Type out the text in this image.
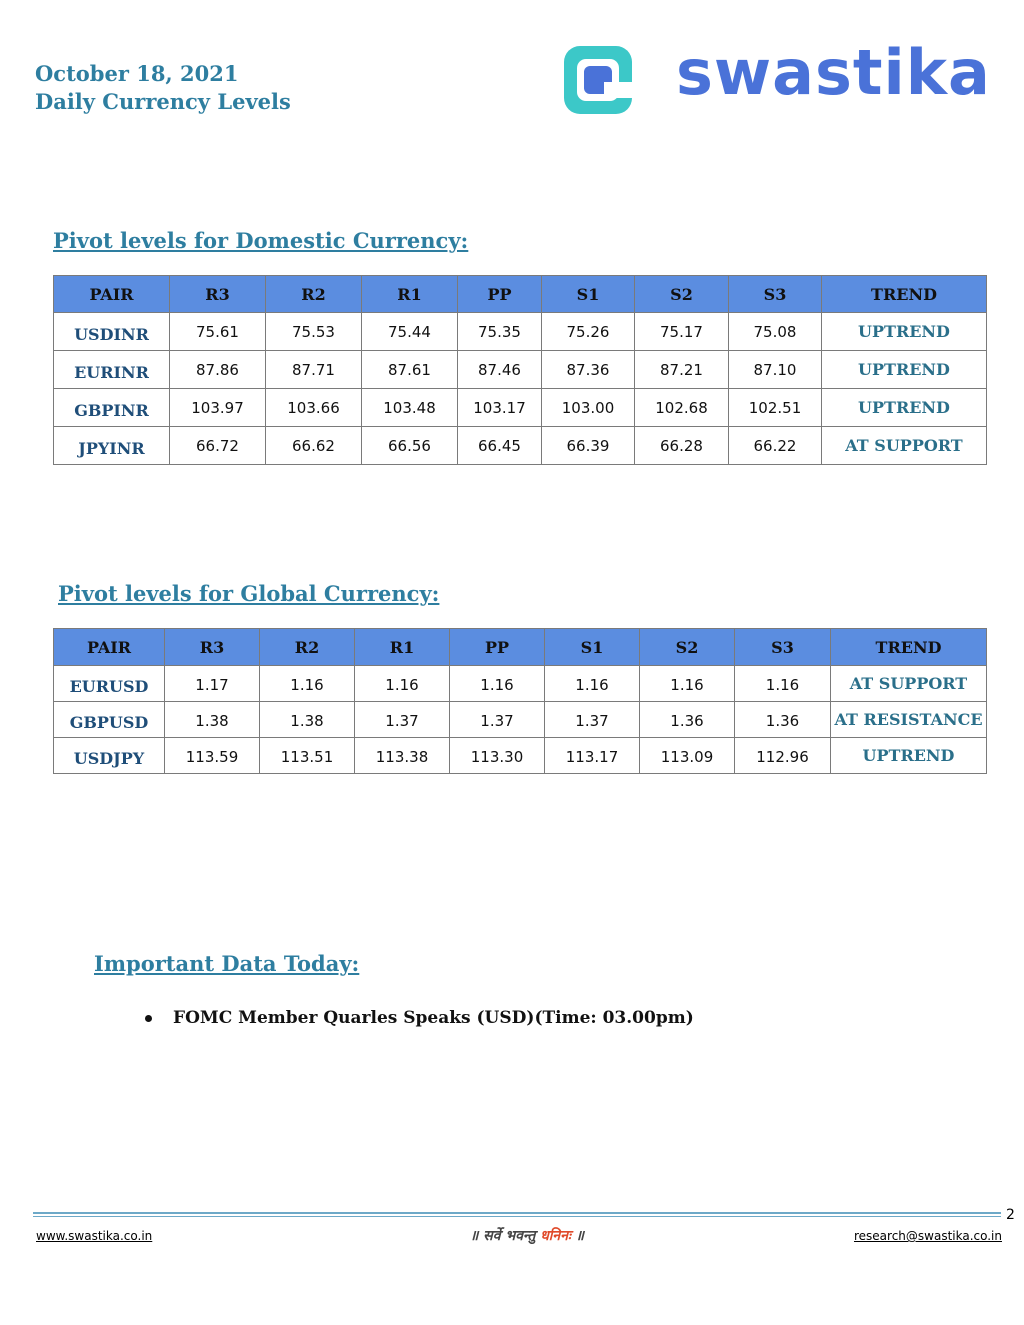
October 18, 2021
Daily Currency Levels	swastika
Pivot levels for Domestic Currency:
PAIR	R3	R2	R1	PP	S1	S2	S3	TREND
USDINR	75.61	75.53	75.44	75.35	75.26	75.17	75.08	UPTREND
EURINR	87.86	87.71	87.61	87.46	87.36	87.21	87.10	UPTREND
GBPINR	103.97	103.66	103.48	103.17	103.00	102.68	102.51	UPTREND
JPYINR	66.72	66.62	66.56	66.45	66.39	66.28	66.22	AT SUPPORT
Pivot levels for Global Currency:
PAIR	R3	R2	R1	PP	S1	S2	S3	TREND
EURUSD	1.17	1.16	1.16	1.16	1.16	1.16	1.16	AT SUPPORT
GBPUSD	1.38	1.38	1.37	1.37	1.37	1.36	1.36	AT RESISTANCE
USDJPY	113.59	113.51	113.38	113.30	113.17	113.09	112.96	UPTREND
Important Data Today:
FOMC Member Quarles Speaks (USD)(Time: 03.00pm)
2
www.swastika.co.in	॥ सर्वे भवन्तु धनिनः ॥	research@swastika.co.in
